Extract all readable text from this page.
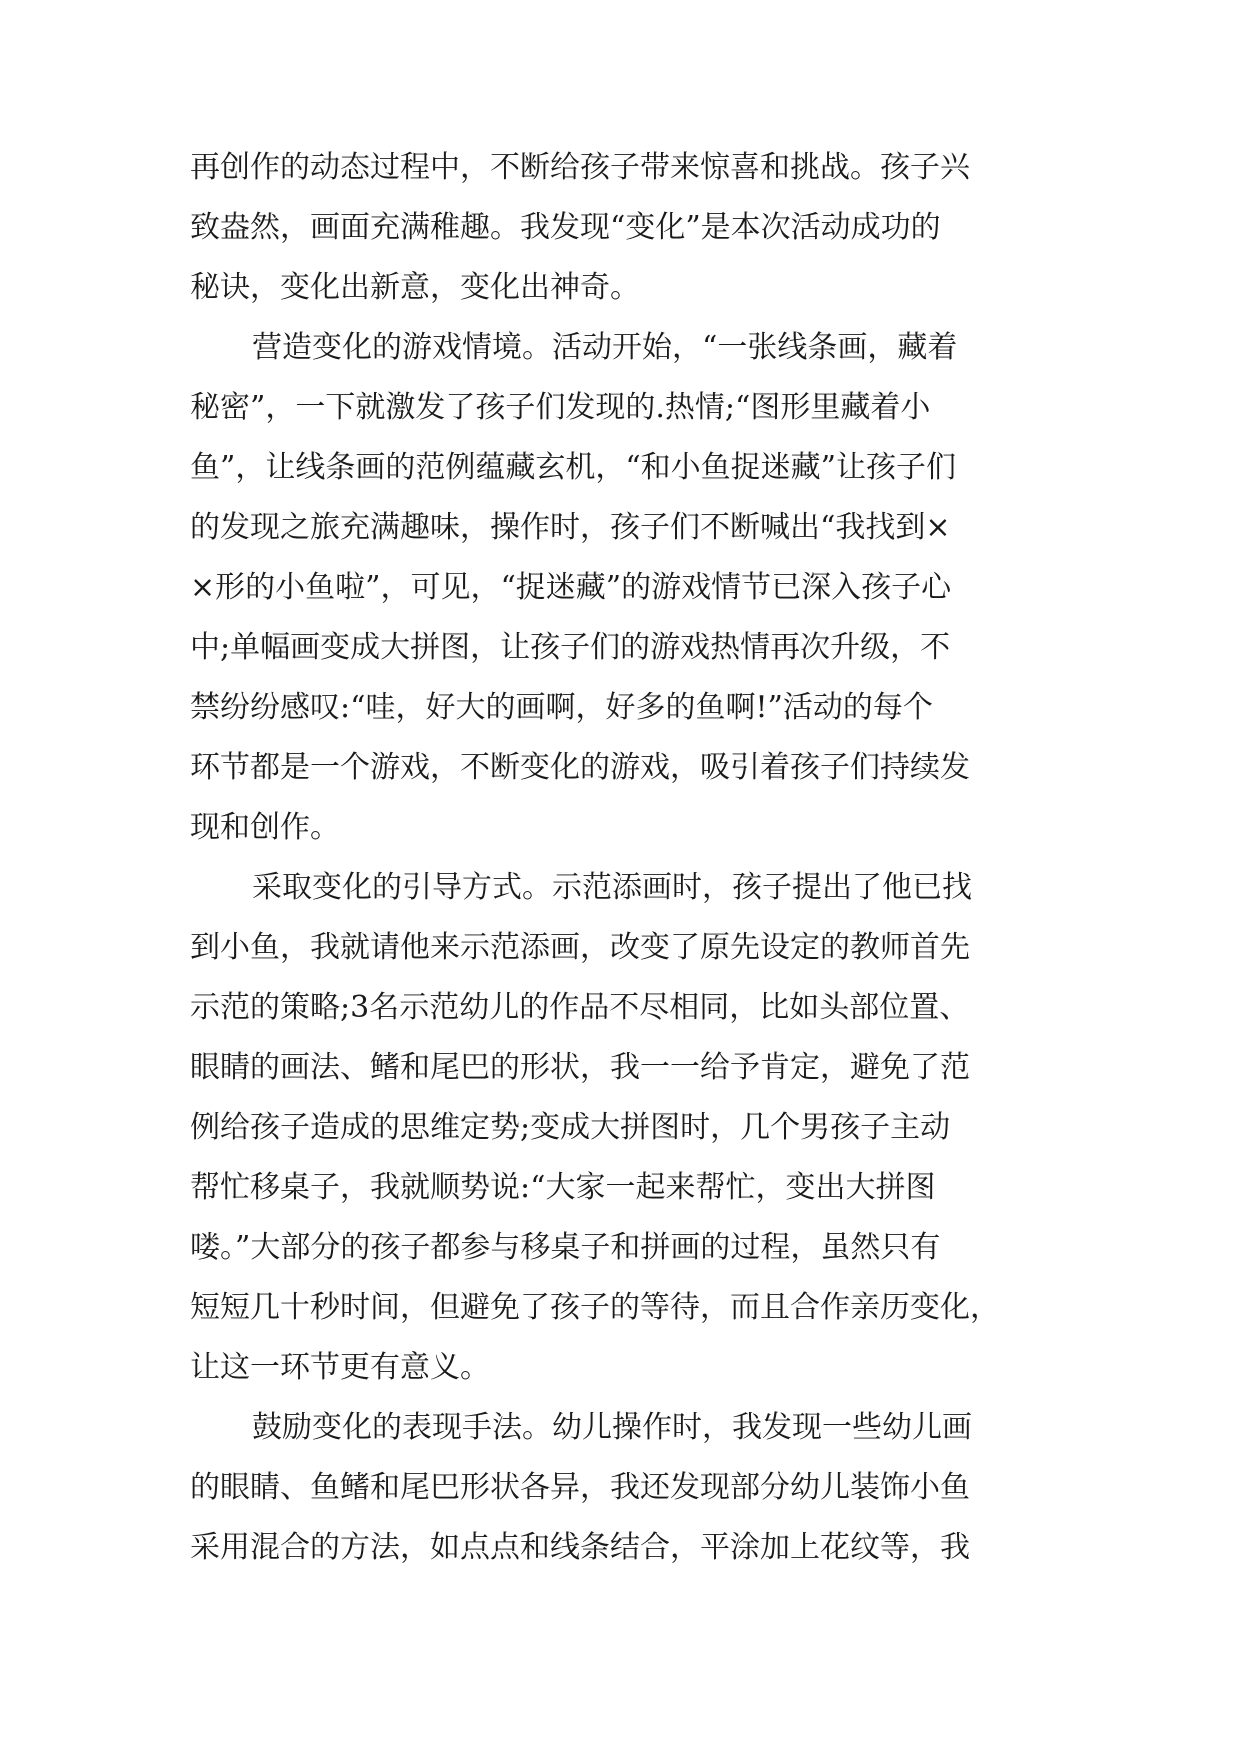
再创作的动态过程中，不断给孩子带来惊喜和挑战。孩子兴
致盎然，画面充满稚趣。我发现“变化”是本次活动成功的
秘诀，变化出新意，变化出神奇。
营造变化的游戏情境。活动开始，“一张线条画，藏着
秘密”，一下就激发了孩子们发现的.热情;“图形里藏着小
鱼”，让线条画的范例蕴藏玄机，“和小鱼捉迷藏”让孩子们
的发现之旅充满趣味，操作时，孩子们不断喊出“我找到×
×形的小鱼啦”，可见，“捉迷藏”的游戏情节已深入孩子心
中;单幅画变成大拼图，让孩子们的游戏热情再次升级，不
禁纷纷感叹:“哇，好大的画啊，好多的鱼啊!”活动的每个
环节都是一个游戏，不断变化的游戏，吸引着孩子们持续发
现和创作。
采取变化的引导方式。示范添画时，孩子提出了他已找
到小鱼，我就请他来示范添画，改变了原先设定的教师首先
示范的策略;3名示范幼儿的作品不尽相同，比如头部位置、
眼睛的画法、鳍和尾巴的形状，我一一给予肯定，避免了范
例给孩子造成的思维定势;变成大拼图时，几个男孩子主动
帮忙移桌子，我就顺势说:“大家一起来帮忙，变出大拼图
喽。”大部分的孩子都参与移桌子和拼画的过程，虽然只有
短短几十秒时间，但避免了孩子的等待，而且合作亲历变化，
让这一环节更有意义。
鼓励变化的表现手法。幼儿操作时，我发现一些幼儿画
的眼睛、鱼鳍和尾巴形状各异，我还发现部分幼儿装饰小鱼
采用混合的方法，如点点和线条结合，平涂加上花纹等，我
